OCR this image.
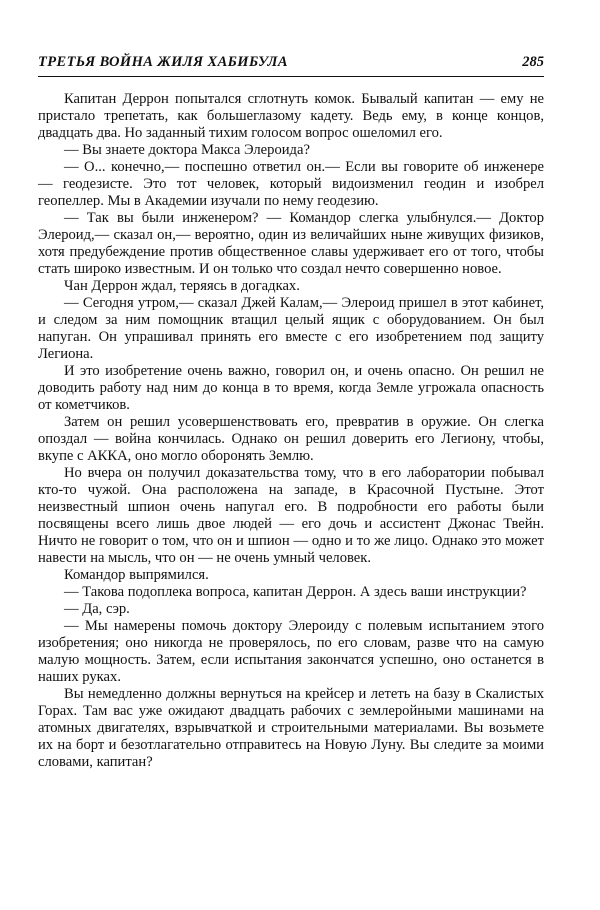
ТРЕТЬЯ ВОЙНА ЖИЛЯ ХАБИБУЛА	285

Капитан Деррон попытался сглотнуть комок. Бывалый капитан — ему не пристало трепетать, как большеглазому кадету. Ведь ему, в конце концов, двадцать два. Но заданный тихим голосом вопрос ошеломил его.

— Вы знаете доктора Макса Элероида?

— О... конечно,— поспешно ответил он.— Если вы говорите об инженере — геодезисте. Это тот человек, который видоизменил геодин и изобрел геопеллер. Мы в Академии изучали по нему геодезию.

— Так вы были инженером? — Командор слегка улыбнулся.— Доктор Элероид,— сказал он,— вероятно, один из величайших ныне живущих физиков, хотя предубеждение против общественное славы удерживает его от того, чтобы стать широко известным. И он только что создал нечто совершенно новое.

Чан Деррон ждал, теряясь в догадках.

— Сегодня утром,— сказал Джей Калам,— Элероид пришел в этот кабинет, и следом за ним помощник втащил целый ящик с оборудованием. Он был напуган. Он упрашивал принять его вместе с его изобретением под защиту Легиона.

И это изобретение очень важно, говорил он, и очень опасно. Он решил не доводить работу над ним до конца в то время, когда Земле угрожала опасность от кометчиков.

Затем он решил усовершенствовать его, превратив в оружие. Он слегка опоздал — война кончилась. Однако он решил доверить его Легиону, чтобы, вкупе с АККА, оно могло оборонять Землю.

Но вчера он получил доказательства тому, что в его лаборатории побывал кто-то чужой. Она расположена на западе, в Красочной Пустыне. Этот неизвестный шпион очень напугал его. В подробности его работы были посвящены всего лишь двое людей — его дочь и ассистент Джонас Твейн. Ничто не говорит о том, что он и шпион — одно и то же лицо. Однако это может навести на мысль, что он — не очень умный человек.

Командор выпрямился.

— Такова подоплека вопроса, капитан Деррон. А здесь ваши инструкции?

— Да, сэр.

— Мы намерены помочь доктору Элероиду с полевым испытанием этого изобретения; оно никогда не проверялось, по его словам, разве что на самую малую мощность. Затем, если испытания закончатся успешно, оно останется в наших руках.

Вы немедленно должны вернуться на крейсер и лететь на базу в Скалистых Горах. Там вас уже ожидают двадцать рабочих с землеройными машинами на атомных двигателях, взрывчаткой и строительными материалами. Вы возьмете их на борт и безотлагательно отправитесь на Новую Луну. Вы следите за моими словами, капитан?
